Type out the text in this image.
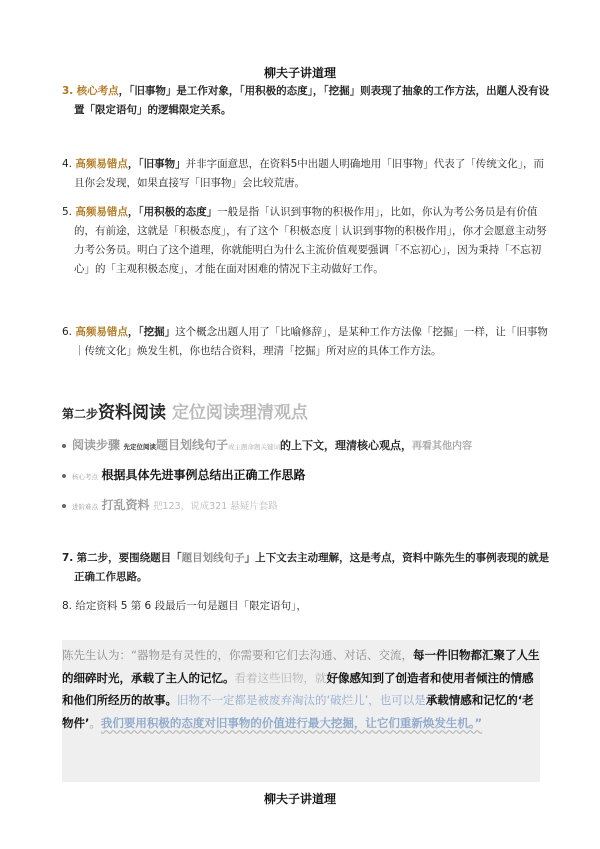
柳夫子讲道理
3. 核心考点，「旧事物」是工作对象，「用积极的态度」，「挖掘」则表现了抽象的工作方法，出题人没有设置「限定语句」的逻辑限定关系。
4. 高频易错点，「旧事物」并非字面意思，在资料5中出题人明确地用「旧事物」代表了「传统文化」，而且你会发现，如果直接写「旧事物」会比较荒唐。
5. 高频易错点，「用积极的态度」一般是指「认识到事物的积极作用」，比如，你认为考公务员是有价值的，有前途，这就是「积极态度」，有了这个「积极态度｜认识到事物的积极作用」，你才会愿意主动努力考公务员。明白了这个道理，你就能明白为什么主流价值观要强调「不忘初心」，因为秉持「不忘初心」的「主观积极态度」，才能在面对困难的情况下主动做好工作。
6. 高频易错点，「挖掘」这个概念出题人用了「比喻修辞」，是某种工作方法像「挖掘」一样，让「旧事物｜传统文化」焕发生机，你也结合资料，理清「挖掘」所对应的具体工作方法。
第二步资料阅读 定位阅读理清观点
阅读步骤 先定位阅读题目划线句子或主题命题关键词的上下文，理清核心观点，再看其他内容
核心考点 根据具体先进事例总结出正确工作思路
进阶难点 打乱资料 把123，说成321 悬疑片套路
7. 第二步，要围绕题目「题目划线句子」上下文去主动理解，这是考点，资料中陈先生的事例表现的就是正确工作思路。
8. 给定资料 5 第 6 段最后一句是题目「限定语句」，
陈先生认为：“器物是有灵性的，你需要和它们去沟通、对话、交流，每一件旧物都汇聚了人生的细碎时光，承载了主人的记忆。看着这些旧物，就好像感知到了创造者和使用者倾注的情感和他们所经历的故事。旧物不一定都是被废弃淘汰的‘破烂儿’，也可以是承载情感和记忆的‘老物件’。我们要用积极的态度对旧事物的价值进行最大挖掘，让它们重新焕发生机。”
柳夫子讲道理
